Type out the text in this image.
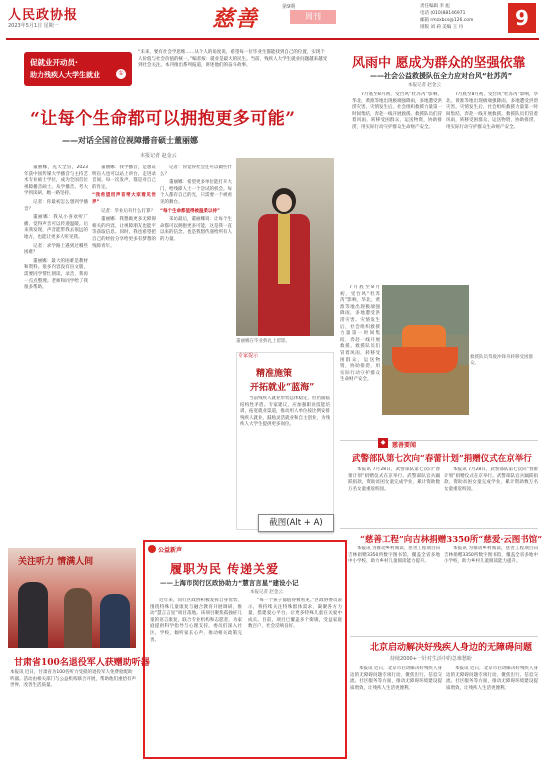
人民政协报
2023年5月1日 星期一	慈善	第9期
周刊
责任编辑 李 彪
电话 (010)88146971
邮箱 rmzxbcs@126.com
排版 刘 莉 美编 王 丹	9
促就业开动员·
助力残疾人大学生就业	①
“未来，要有社会学思维……从个人的角度说，希望每一位毕业生都能找到自己的位置，实现个人价值与社会价值的统一。”编者按：就业是最大的民生。当前，残疾人大学生就业问题越来越受到社会关注。本刊推出系列报道，讲述他们的奋斗故事。
“让每个生命都可以拥抱更多可能”
——对话全国首位视障播音硕士董丽娜
本报记者 赵金云

董丽娜，先天全盲，2023年获中国传媒大学播音与主持艺术专业硕士学位，成为全国首位视障播音硕士。从学播音、考大学到读研，她一路坚持。

记者：你最初怎么想到学播音？

董丽娜：我从小喜欢听广播，觉得声音可以传递温暖。后来我发现，声音能带我去很远的地方，也能让更多人听见我。

记者：求学路上遇到过哪些困难？

董丽娜：最大的困难是教材和资料。很多内容没有盲文版，需要同学帮忙朗读、录音，我再一点点整理。老师和同学给了我很多帮助。

董丽娜：我学播音，是想证明盲人也可以站上讲台、走进录音间。每一次发声，都是对自己的肯定。

“我希望用声音带大家看见世界”

记者：毕业后有什么打算？

董丽娜：我想做更多无障碍相关的内容，让视障朋友也能平等获取信息。同时，我也希望把自己的经验分享给更多有梦想的残障青年。

记者：你觉得社会还可以做些什么？

董丽娜：希望更多单位能打开大门，给残障人士一个尝试的机会。每个人都有自己的光，只需要一个被看见的舞台。

“每个生命都值得被温柔以待”

采访最后，董丽娜说：让每个生命都可以拥抱更多可能，这是我一直以来的信念，也是我想传递给所有人的力量。

董丽娜在毕业典礼上留影。
专家提示
精准施策
开拓就业“蓝海”

当前残疾人就业形势总体稳定，但仍面临结构性矛盾。专家建议，应加强职业技能培训，拓宽就业渠道，推动用人单位按比例安排残疾人就业，鼓励灵活就业和自主创业，为残疾人大学生提供更多岗位。

风雨中 愿成为群众的坚强依靠
——社会公益救援队伍全力应对台风“杜苏芮”
本报记者 赵金云

7月底至8月初，受台风“杜苏芮”影响，华北、黄淮等地出现极端强降雨，多地遭受洪涝灾害。灾情发生后，社会组织救援力量第一时间集结，奔赴一线开展救援。救援队员们冒着风雨，转移受困群众，运送物资，协助排涝，用实际行动守护群众生命财产安全。

7月底至8月初，受台风“杜苏芮”影响，华北、黄淮等地出现极端强降雨，多地遭受洪涝灾害。灾情发生后，社会组织救援力量第一时间集结，奔赴一线开展救援。救援队员们冒着风雨，转移受困群众，运送物资，协助排涝，用实际行动守护群众生命财产安全。

7月底至8月初，受台风“杜苏芮”影响，华北、黄淮等地出现极端强降雨，多地遭受洪涝灾害。灾情发生后，社会组织救援力量第一时间集结，奔赴一线开展救援。救援队员们冒着风雨，转移受困群众，运送物资，协助排涝，用实际行动守护群众生命财产安全。

救援队员驾驶冲锋舟转移受困群众。
◆	慈善要闻
武警部队第七次向“春蕾计划”捐赠仪式在京举行

本报讯 7月28日，武警部队第七次向“春蕾计划”捐赠仪式在京举行。武警部队官兵踊跃捐款，资助贫困女童完成学业，累计资助数万名女童重返校园。

本报讯 7月28日，武警部队第七次向“春蕾计划”捐赠仪式在京举行。武警部队官兵踊跃捐款，资助贫困女童完成学业，累计资助数万名女童重返校园。

“慈善工程”向吉林捐赠3350所“慈爱·云图书馆”

本报讯 为推动乡村阅读，慈善工程项目向吉林捐赠3350所数字图书馆，覆盖全省多地中小学校，助力乡村儿童阅读能力提升。

本报讯 为推动乡村阅读，慈善工程项目向吉林捐赠3350所数字图书馆，覆盖全省多地中小学校，助力乡村儿童阅读能力提升。

北京启动解决好残疾人身边的无障碍问题
持续2000+一针对生活中的急难愁盼

本报讯 近日，北京市启动解决好残疾人身边的无障碍问题专项行动，聚焦出行、信息交流、社区服务等方面，推动无障碍环境建设提质增效，让残疾人生活更便利。

本报讯 近日，北京市启动解决好残疾人身边的无障碍问题专项行动，聚焦出行、信息交流、社区服务等方面，推动无障碍环境建设提质增效，让残疾人生活更便利。

截图(Alt + A)
公益新声
履职为民 传递关爱
——上海市闵行区政协助力“慧言言星”建设小记
本报记者 赵金云

近年来，闵行区政协积极发挥自身优势，围绕特殊儿童康复与融合教育开展调研，推动“慧言言星”项目落地。该项目聚焦孤独症儿童的语言康复，联合专业机构和志愿者，为家庭提供科学指导与心理支持。委员们深入社区、学校，倾听家长心声，推动相关政策完善。

“每一个孩子都值得被看见。”区政协委员表示，将持续关注特殊群体需求，凝聚各方力量，搭建爱心平台，让更多特殊儿童在关爱中成长。目前，项目已覆盖多个街镇，受益家庭数百户，社会反响良好。

关注听力 情满人间
甘肃省100名退役军人获赠助听器
本报讯 近日，甘肃省为100名听力受损的退役军人免费验配助听器。活动由相关部门与公益机构联合开展，帮助他们重拾有声世界，改善生活质量。
